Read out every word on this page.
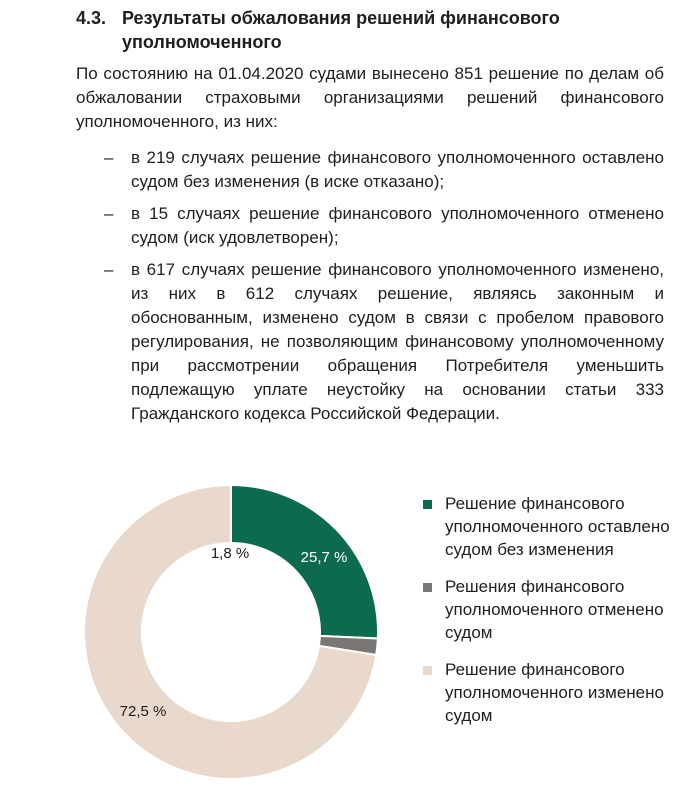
4.3. Результаты обжалования решений финансового уполномоченного
По состоянию на 01.04.2020 судами вынесено 851 решение по делам об обжаловании страховыми организациями решений финансового уполномоченного, из них:
– в 219 случаях решение финансового уполномоченного оставлено судом без изменения (в иске отказано);
– в 15 случаях решение финансового уполномоченного отменено судом (иск удовлетворен);
– в 617 случаях решение финансового уполномоченного изменено, из них в 612 случаях решение, являясь законным и обоснованным, изменено судом в связи с пробелом правового регулирования, не позволяющим финансовому уполномоченному при рассмотрении обращения Потребителя уменьшить подлежащую уплате неустойку на основании статьи 333 Гражданского кодекса Российской Федерации.
25,7 %
1,8 %
72,5 %
Решение финансового уполномоченного оставлено судом без изменения
Решения финансового уполномоченного отменено судом
Решение финансового уполномоченного изменено судом
